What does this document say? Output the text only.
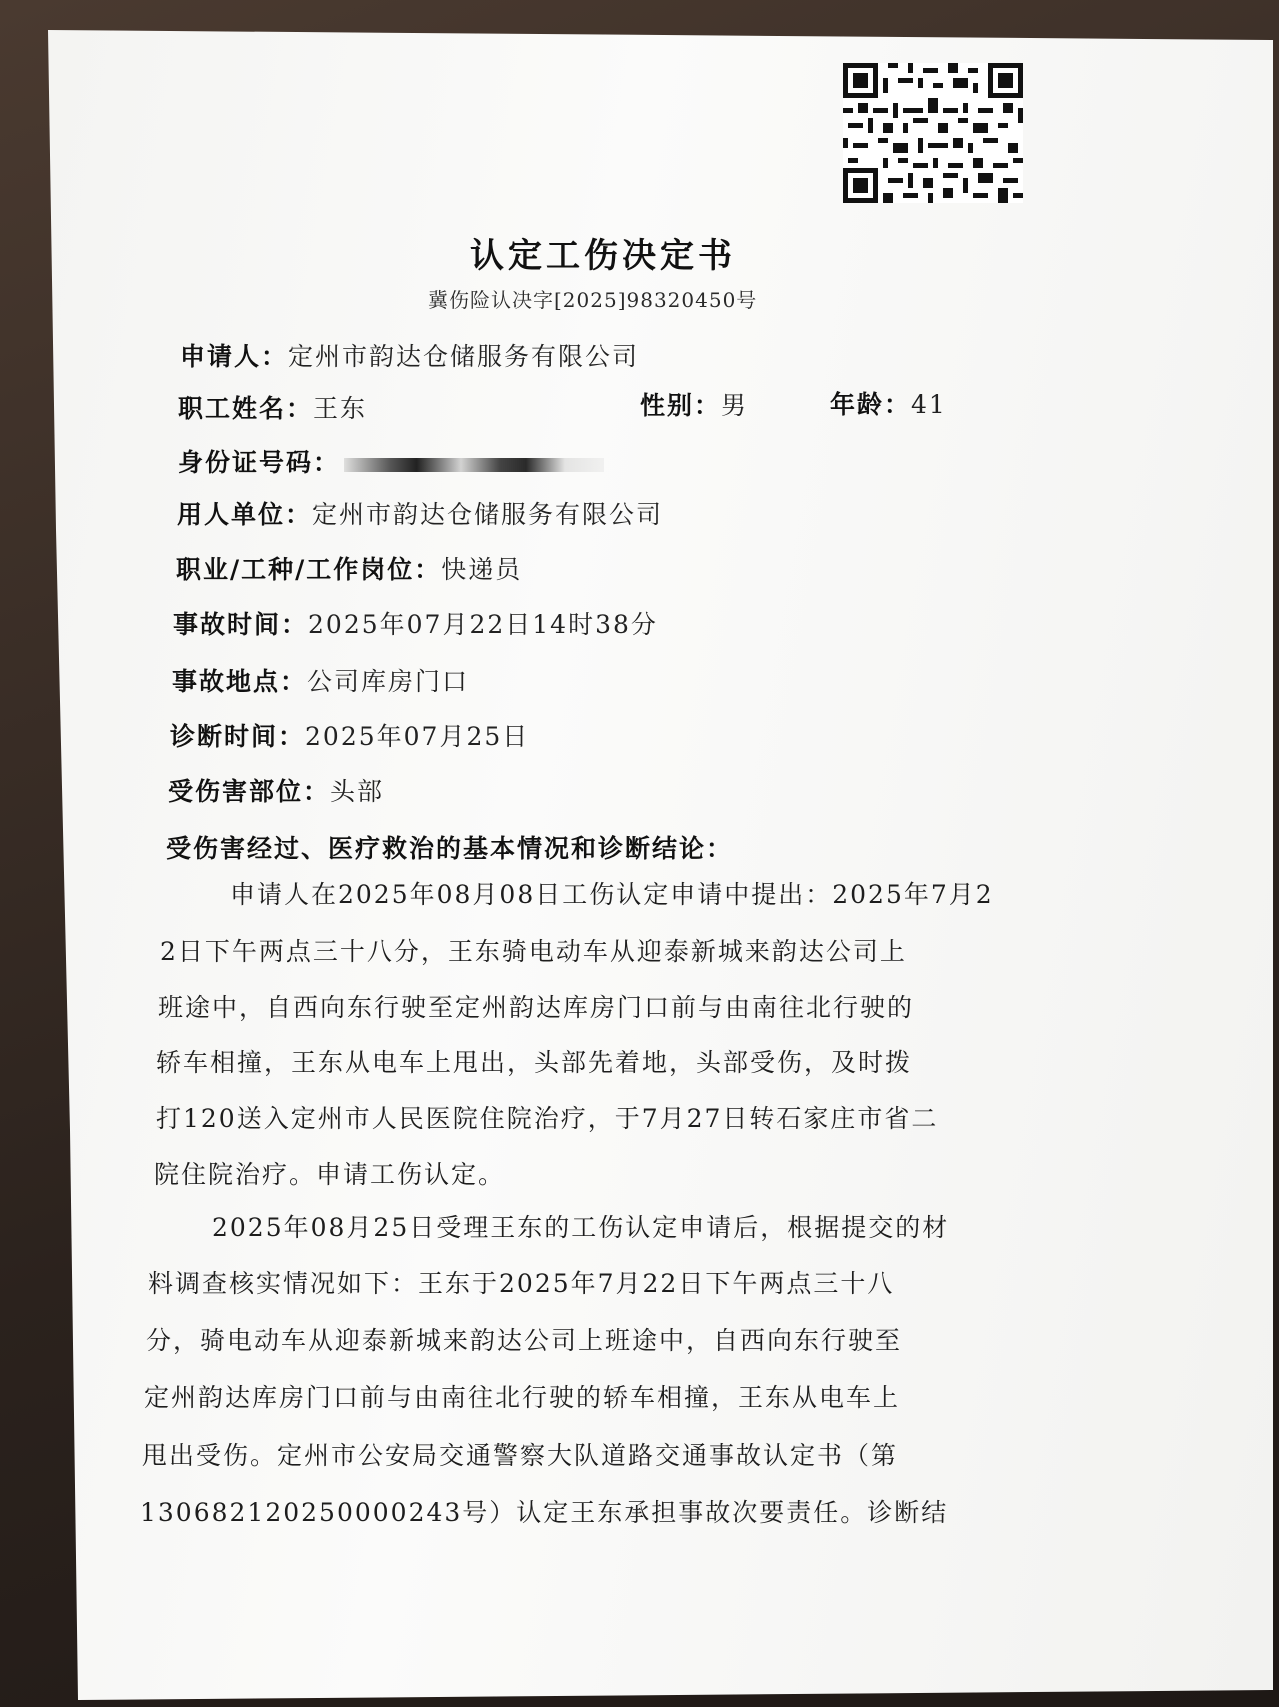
认定工伤决定书
冀伤险认决字[2025]98320450号
申请人：定州市韵达仓储服务有限公司
职工姓名：王东	性别：男	年龄：41
身份证号码：
用人单位：定州市韵达仓储服务有限公司
职业/工种/工作岗位：快递员
事故时间：2025年07月22日14时38分
事故地点：公司库房门口
诊断时间：2025年07月25日
受伤害部位：头部
受伤害经过、医疗救治的基本情况和诊断结论：
申请人在2025年08月08日工伤认定申请中提出：2025年7月2
2日下午两点三十八分，王东骑电动车从迎泰新城来韵达公司上
班途中，自西向东行驶至定州韵达库房门口前与由南往北行驶的
轿车相撞，王东从电车上甩出，头部先着地，头部受伤，及时拨
打120送入定州市人民医院住院治疗，于7月27日转石家庄市省二
院住院治疗。申请工伤认定。
2025年08月25日受理王东的工伤认定申请后，根据提交的材
料调查核实情况如下：王东于2025年7月22日下午两点三十八
分，骑电动车从迎泰新城来韵达公司上班途中，自西向东行驶至
定州韵达库房门口前与由南往北行驶的轿车相撞，王东从电车上
甩出受伤。定州市公安局交通警察大队道路交通事故认定书（第
130682120250000243号）认定王东承担事故次要责任。诊断结
